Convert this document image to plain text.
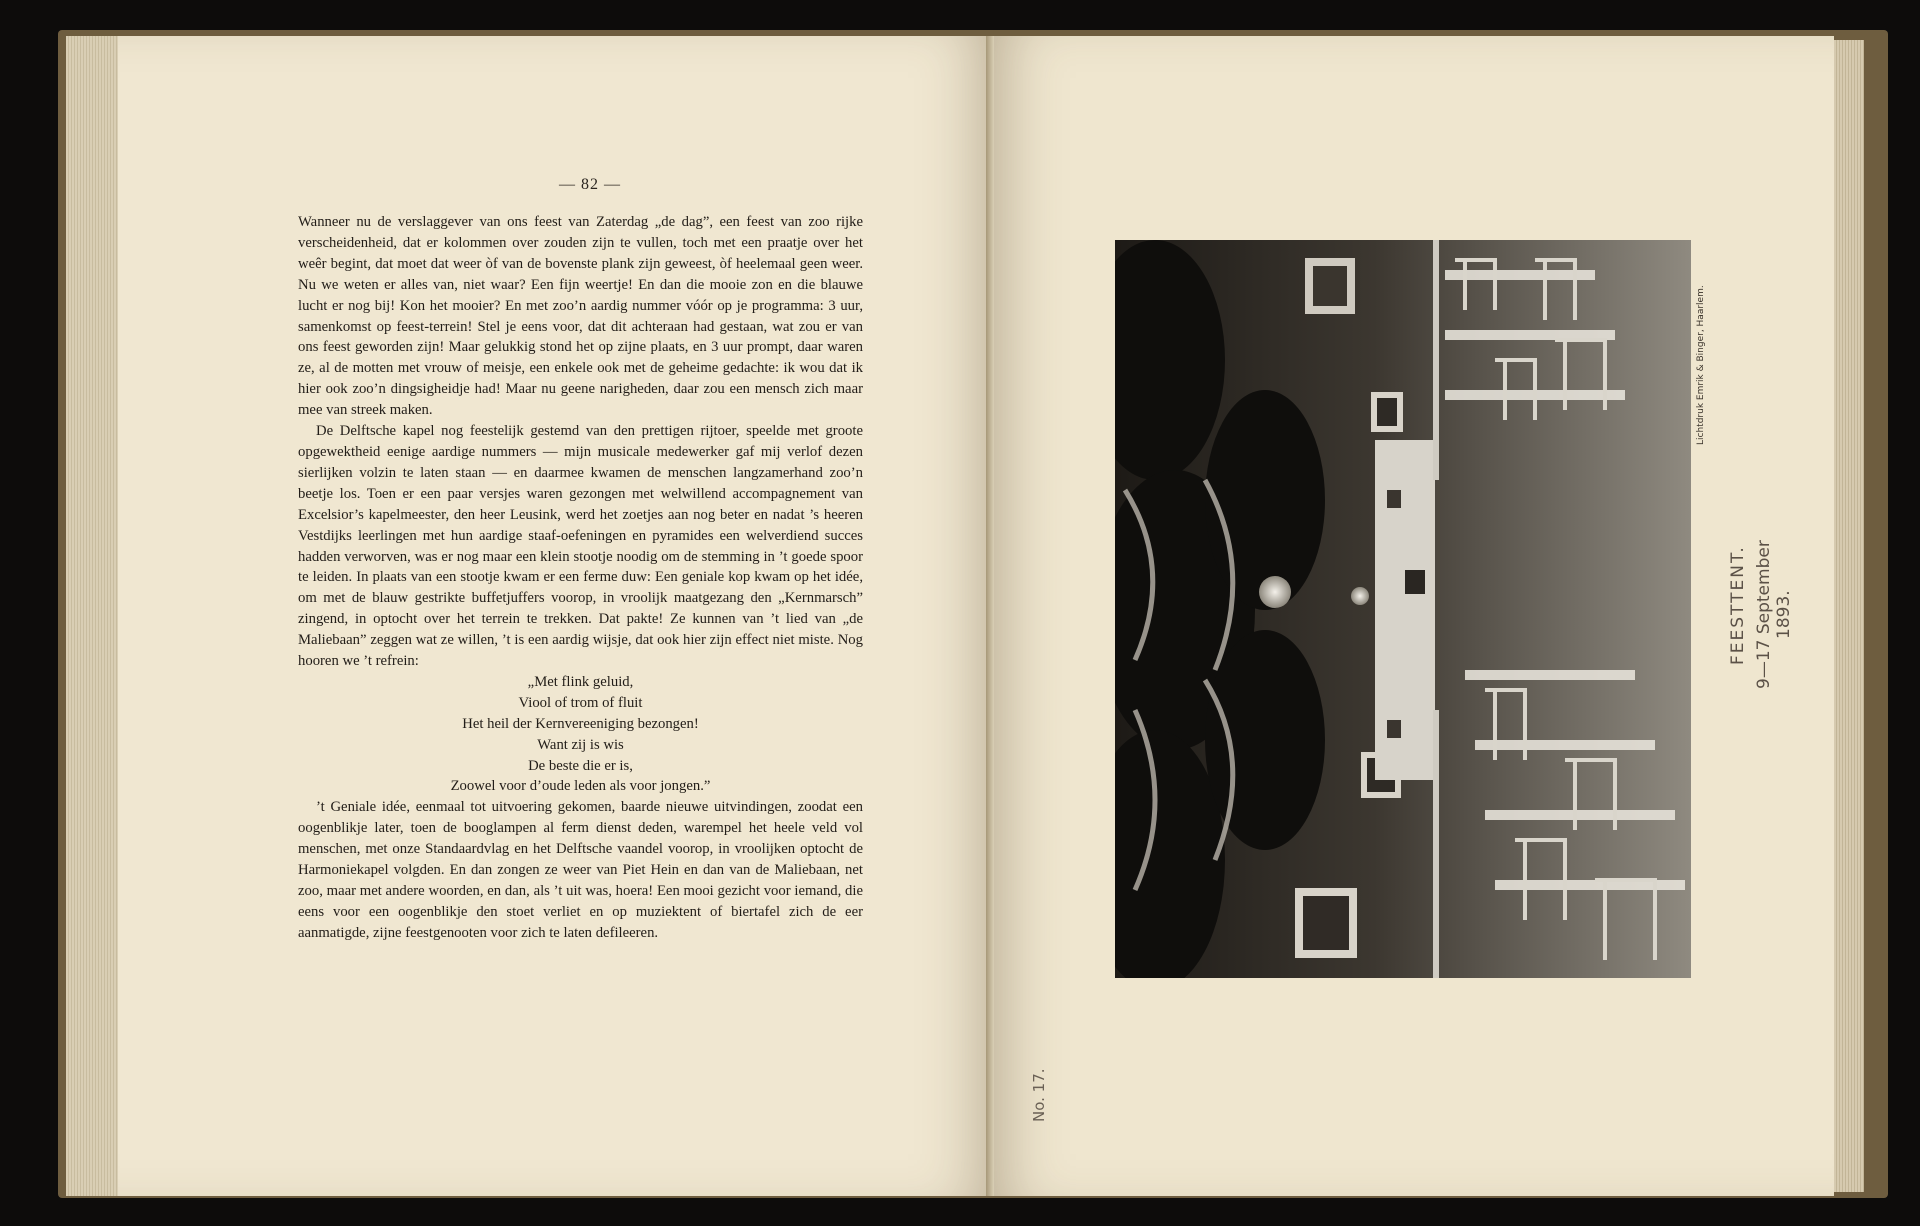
— 82 —

Wanneer nu de verslaggever van ons feest van Zaterdag „de dag”, een feest van zoo rijke verscheidenheid, dat er kolommen over zouden zijn te vullen, toch met een praatje over het weêr begint, dat moet dat weer òf van de bovenste plank zijn geweest, òf heelemaal geen weer. Nu we weten er alles van, niet waar? Een fijn weertje! En dan die mooie zon en die blauwe lucht er nog bij! Kon het mooier? En met zoo’n aardig nummer vóór op je programma: 3 uur, samenkomst op feest-terrein! Stel je eens voor, dat dit achteraan had gestaan, wat zou er van ons feest geworden zijn! Maar gelukkig stond het op zijne plaats, en 3 uur prompt, daar waren ze, al de motten met vrouw of meisje, een enkele ook met de geheime gedachte: ik wou dat ik hier ook zoo’n dingsigheidje had! Maar nu geene narigheden, daar zou een mensch zich maar mee van streek maken.

De Delftsche kapel nog feestelijk gestemd van den prettigen rijtoer, speelde met groote opgewektheid eenige aardige nummers — mijn musicale medewerker gaf mij verlof dezen sierlijken volzin te laten staan — en daarmee kwamen de menschen langzamerhand zoo’n beetje los. Toen er een paar versjes waren gezongen met welwillend accompagnement van Excelsior’s kapelmeester, den heer Leusink, werd het zoetjes aan nog beter en nadat ’s heeren Vestdijks leerlingen met hun aardige staaf-oefeningen en pyramides een welverdiend succes hadden verworven, was er nog maar een klein stootje noodig om de stemming in ’t goede spoor te leiden. In plaats van een stootje kwam er een ferme duw: Een geniale kop kwam op het idée, om met de blauw gestrikte buffetjuffers voorop, in vroolijk maatgezang den „Kernmarsch” zingend, in optocht over het terrein te trekken. Dat pakte! Ze kunnen van ’t lied van „de Maliebaan” zeggen wat ze willen, ’t is een aardig wijsje, dat ook hier zijn effect niet miste. Nog hooren we ’t refrein:

„Met flink geluid,
Viool of trom of fluit
Het heil der Kernvereeniging bezongen!
Want zij is wis
De beste die er is,
Zoowel voor d’oude leden als voor jongen.”

’t Geniale idée, eenmaal tot uitvoering gekomen, baarde nieuwe uitvindingen, zoodat een oogenblikje later, toen de booglampen al ferm dienst deden, warempel het heele veld vol menschen, met onze Standaardvlag en het Delftsche vaandel voorop, in vroolijken optocht de Harmoniekapel volgden. En dan zongen ze weer van Piet Hein en dan van de Maliebaan, net zoo, maar met andere woorden, en dan, als ’t uit was, hoera! Een mooi gezicht voor iemand, die eens voor een oogenblikje den stoet verliet en op muziektent of biertafel zich de eer aanmatigde, zijne feestgenooten voor zich te laten defileeren.

Lichtdruk Emrik & Binger, Haarlem.
FEESTTENT. 9—17 September 1893.
No. 17.
